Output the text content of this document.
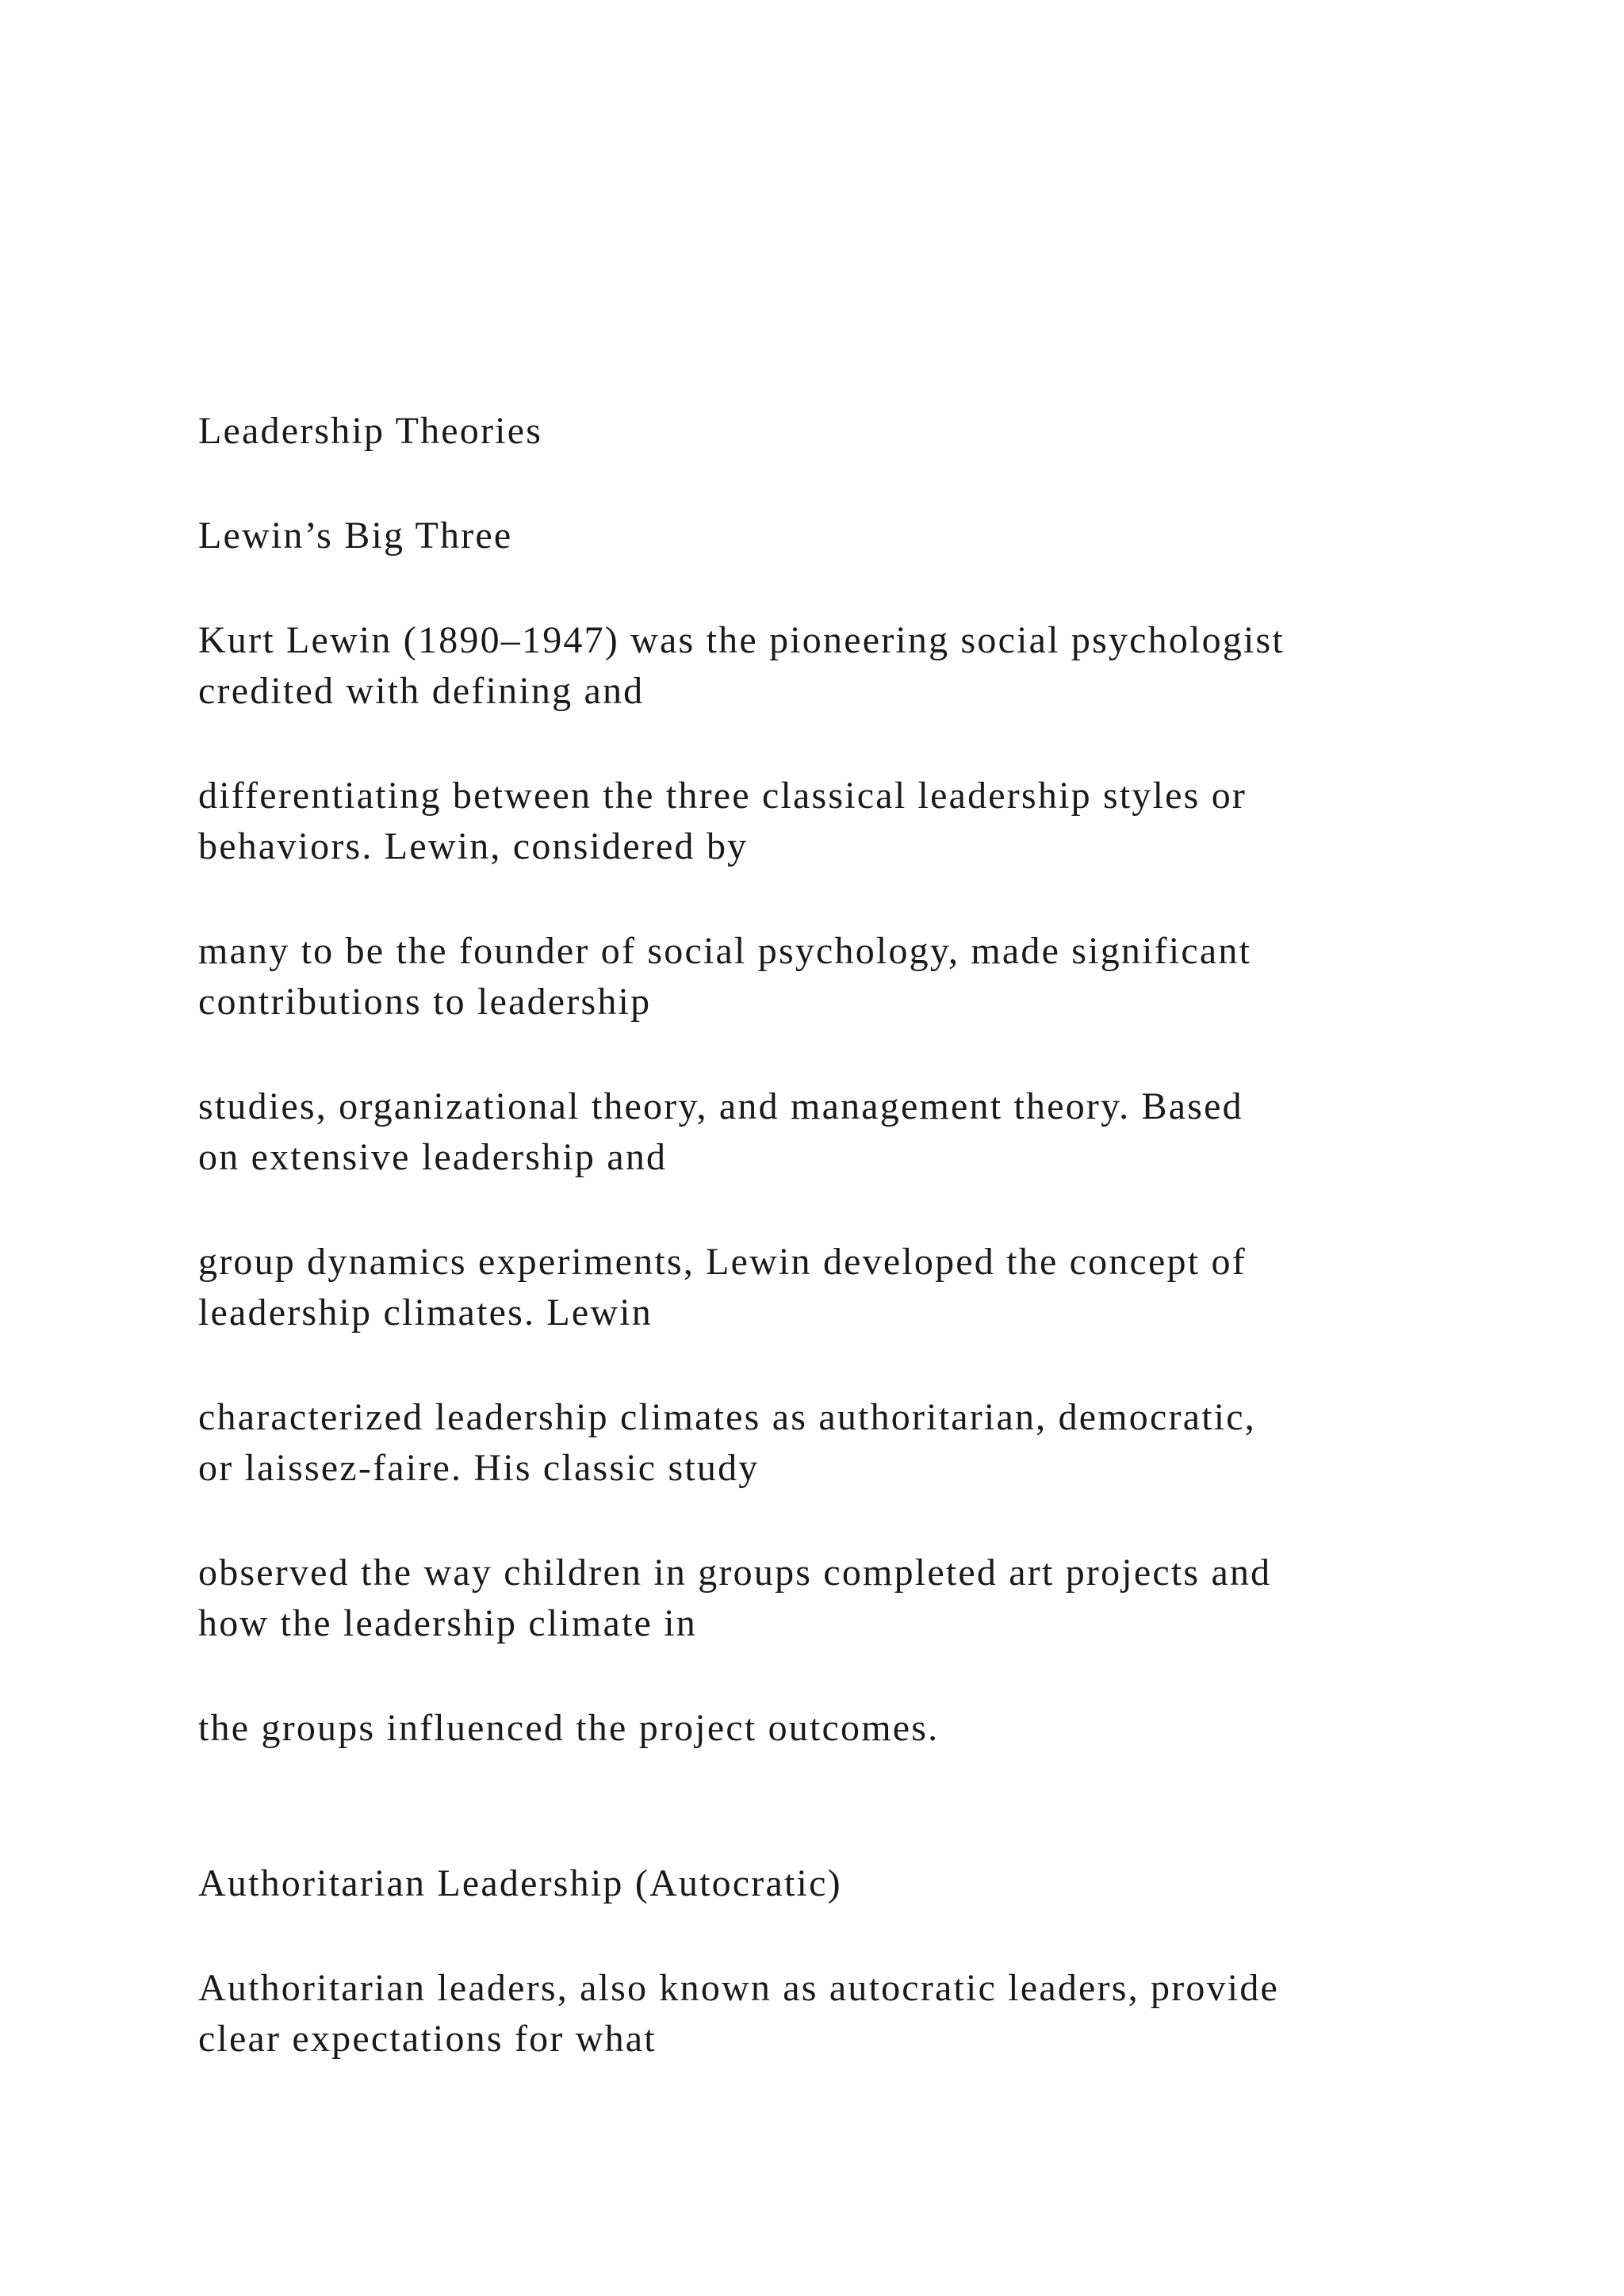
Leadership Theories

Lewin’s Big Three

Kurt Lewin (1890–1947) was the pioneering social psychologist

credited with defining and

differentiating between the three classical leadership styles or

behaviors. Lewin, considered by

many to be the founder of social psychology, made significant

contributions to leadership

studies, organizational theory, and management theory. Based

on extensive leadership and

group dynamics experiments, Lewin developed the concept of

leadership climates. Lewin

characterized leadership climates as authoritarian, democratic,

or laissez-faire. His classic study

observed the way children in groups completed art projects and

how the leadership climate in

the groups influenced the project outcomes.

Authoritarian Leadership (Autocratic)

Authoritarian leaders, also known as autocratic leaders, provide

clear expectations for what
